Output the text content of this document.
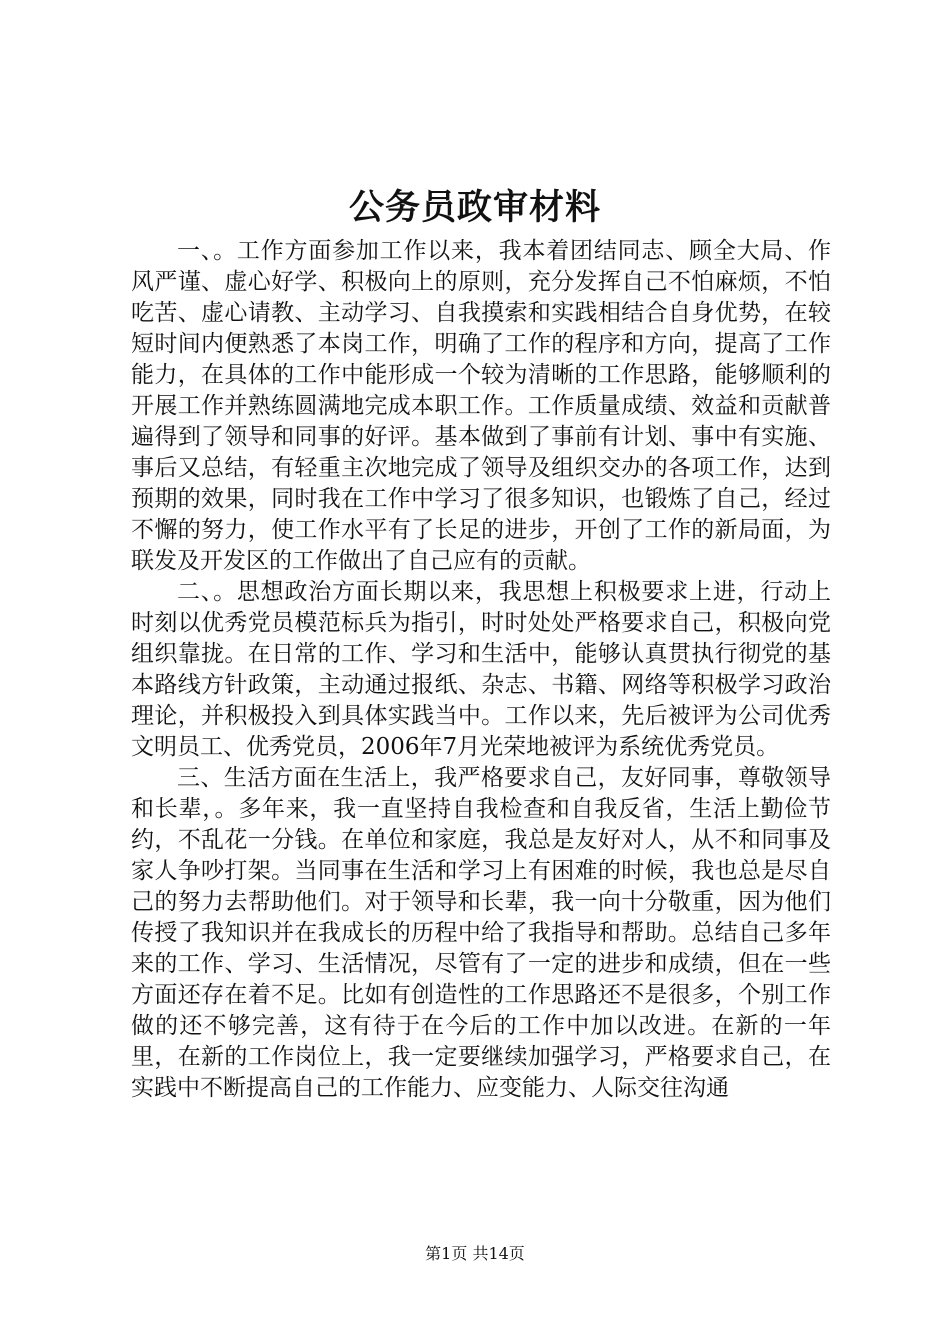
公务员政审材料

一、。工作方面参加工作以来，我本着团结同志、顾全大局、作风严谨、虚心好学、积极向上的原则，充分发挥自己不怕麻烦，不怕吃苦、虚心请教、主动学习、自我摸索和实践相结合自身优势，在较短时间内便熟悉了本岗工作，明确了工作的程序和方向，提高了工作能力，在具体的工作中能形成一个较为清晰的工作思路，能够顺利的开展工作并熟练圆满地完成本职工作。工作质量成绩、效益和贡献普遍得到了领导和同事的好评。基本做到了事前有计划、事中有实施、事后又总结，有轻重主次地完成了领导及组织交办的各项工作，达到预期的效果，同时我在工作中学习了很多知识，也锻炼了自己，经过不懈的努力，使工作水平有了长足的进步，开创了工作的新局面，为联发及开发区的工作做出了自己应有的贡献。

二、。思想政治方面长期以来，我思想上积极要求上进，行动上时刻以优秀党员模范标兵为指引，时时处处严格要求自己，积极向党组织靠拢。在日常的工作、学习和生活中，能够认真贯执行彻党的基本路线方针政策，主动通过报纸、杂志、书籍、网络等积极学习政治理论，并积极投入到具体实践当中。工作以来，先后被评为公司优秀文明员工、优秀党员，2006年7月光荣地被评为系统优秀党员。

三、生活方面在生活上，我严格要求自己，友好同事，尊敬领导和长辈，。多年来，我一直坚持自我检查和自我反省，生活上勤俭节约，不乱花一分钱。在单位和家庭，我总是友好对人，从不和同事及家人争吵打架。当同事在生活和学习上有困难的时候，我也总是尽自己的努力去帮助他们。对于领导和长辈，我一向十分敬重，因为他们传授了我知识并在我成长的历程中给了我指导和帮助。总结自己多年来的工作、学习、生活情况，尽管有了一定的进步和成绩，但在一些方面还存在着不足。比如有创造性的工作思路还不是很多，个别工作做的还不够完善，这有待于在今后的工作中加以改进。在新的一年里，在新的工作岗位上，我一定要继续加强学习，严格要求自己，在实践中不断提高自己的工作能力、应变能力、人际交往沟通

第1页 共14页
